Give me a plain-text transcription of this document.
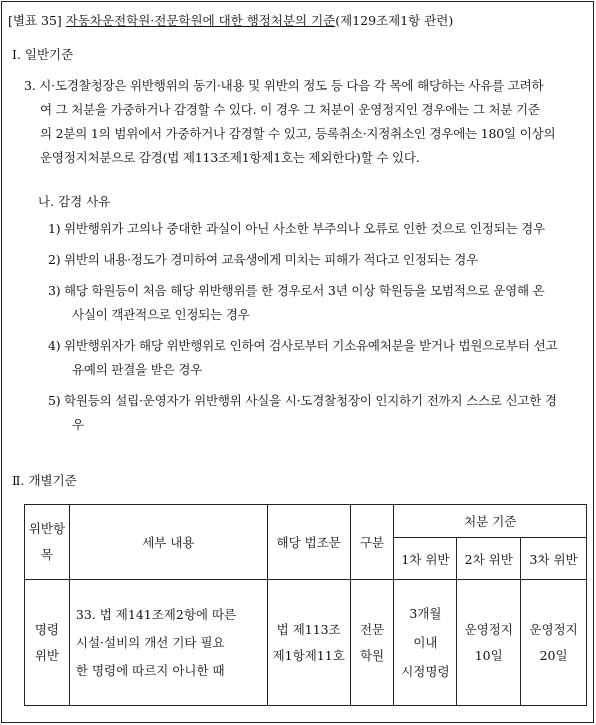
[별표 35] 자동차운전학원·전문학원에 대한 행정처분의 기준(제129조제1항 관련)
Ⅰ. 일반기준
3. 시·도경찰청장은 위반행위의 동기·내용 및 위반의 정도 등 다음 각 목에 해당하는 사유를 고려하
여 그 처분을 가중하거나 감경할 수 있다. 이 경우 그 처분이 운영정지인 경우에는 그 처분 기준
의 2분의 1의 범위에서 가중하거나 감경할 수 있고, 등록취소·지정취소인 경우에는 180일 이상의
운영정지처분으로 감경(법 제113조제1항제1호는 제외한다)할 수 있다.
나. 감경 사유
1) 위반행위가 고의나 중대한 과실이 아닌 사소한 부주의나 오류로 인한 것으로 인정되는 경우
2) 위반의 내용·정도가 경미하여 교육생에게 미치는 피해가 적다고 인정되는 경우
3) 해당 학원등이 처음 해당 위반행위를 한 경우로서 3년 이상 학원등을 모범적으로 운영해 온
사실이 객관적으로 인정되는 경우
4) 위반행위자가 해당 위반행위로 인하여 검사로부터 기소유예처분을 받거나 법원으로부터 선고
유예의 판결을 받은 경우
5) 학원등의 설립·운영자가 위반행위 사실을 시·도경찰청장이 인지하기 전까지 스스로 신고한 경
우
Ⅱ. 개별기준
위반항
목	세부 내용	해당 법조문	구분	처분 기준		
				1차 위반	2차 위반	3차 위반

명령
위반	33. 법 제141조제2항에 따른
시설·설비의 개선 기타 필요
한 명령에 따르지 아니한 때	법 제113조
제1항제11호	전문
학원	3개월
이내
시정명령	운영정지
10일	운영정지
20일
